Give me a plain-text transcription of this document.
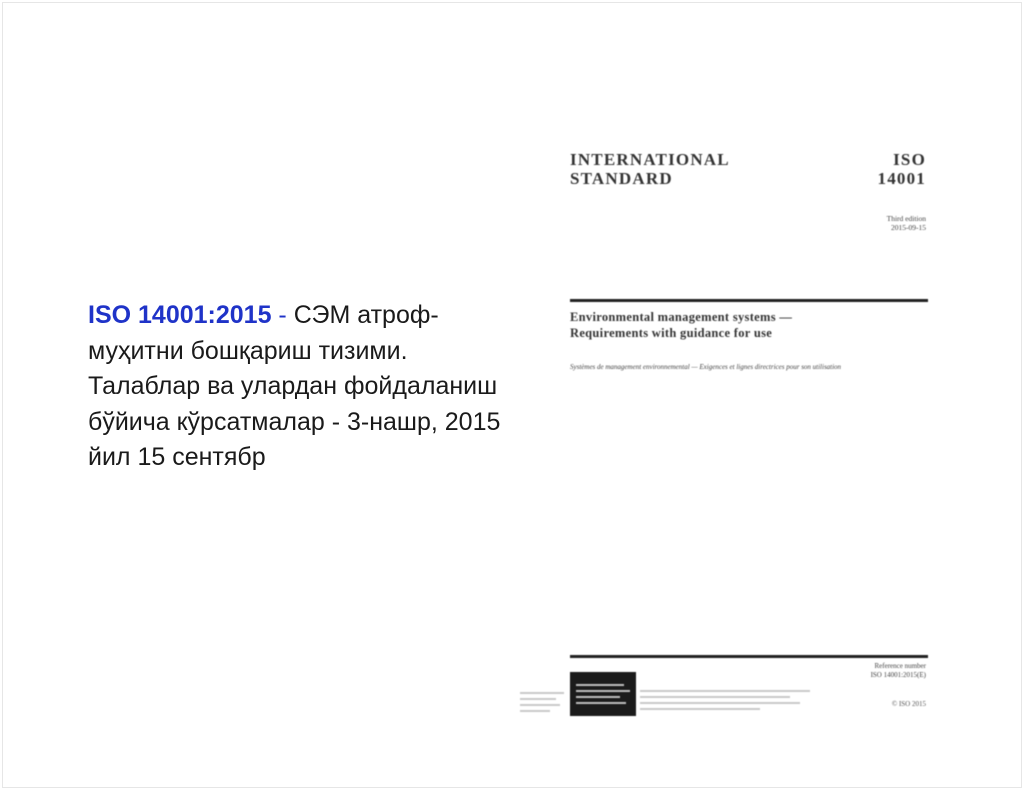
ISO 14001:2015 - СЭМ атроф-муҳитни бошқариш тизими. Талаблар ва улардан фойдаланиш бўйича кўрсатмалар - 3-нашр, 2015 йил 15 сентябр
INTERNATIONAL
STANDARD
ISO
14001
Third edition
2015-09-15
Environmental management systems — Requirements with guidance for use
Systèmes de management environnemental — Exigences et lignes directrices pour son utilisation
Reference number
ISO 14001:2015(E)
© ISO 2015
